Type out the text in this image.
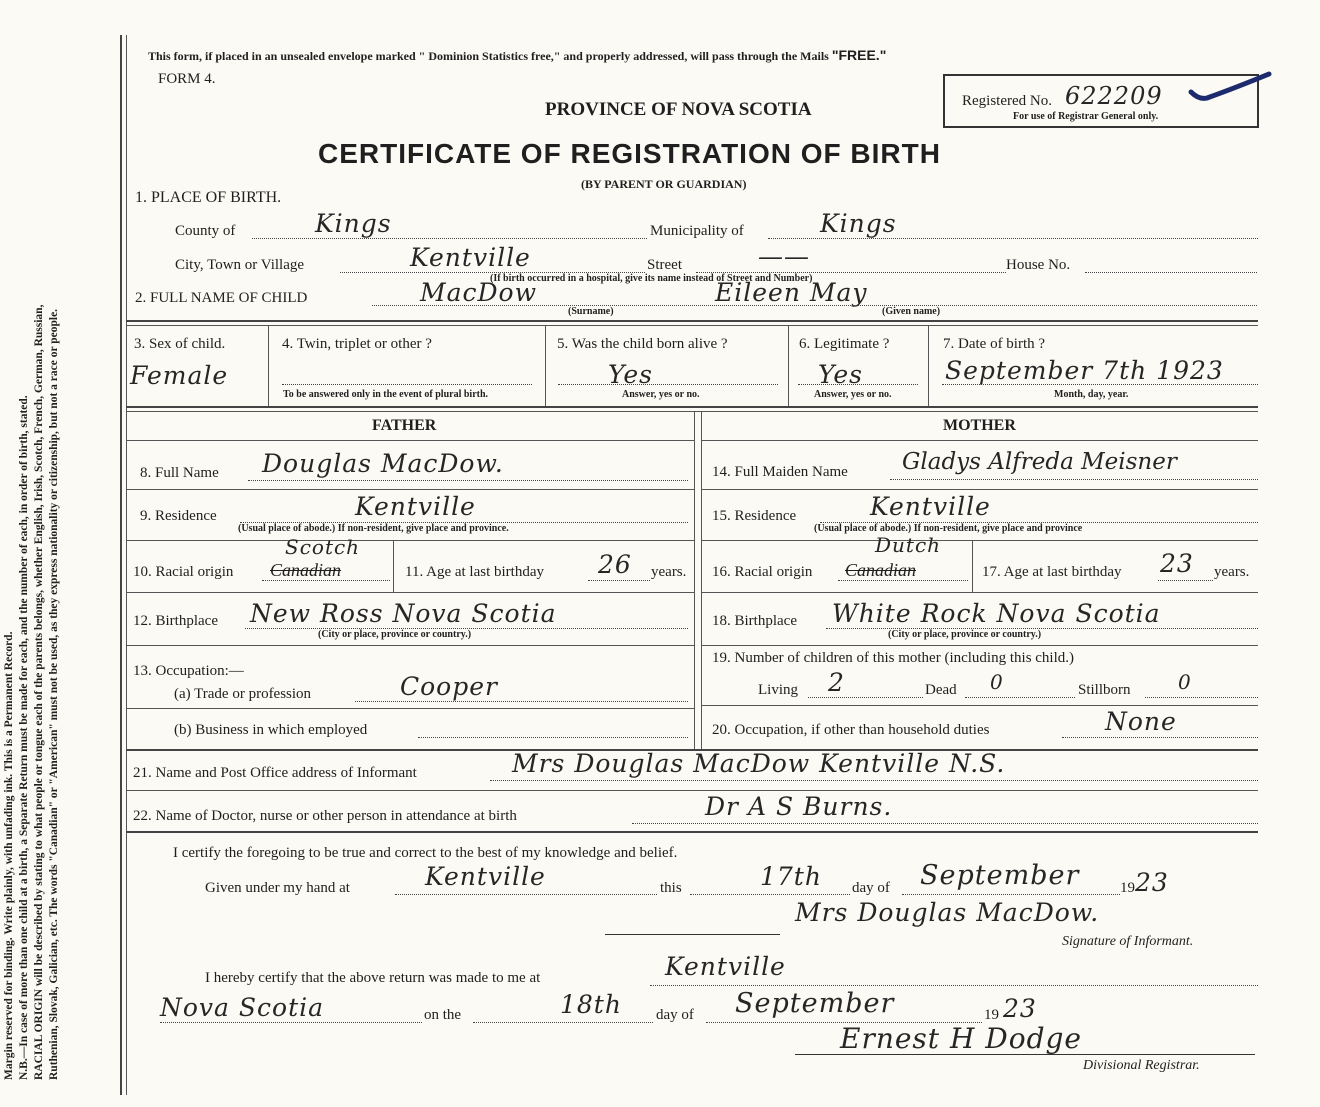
Margin reserved for binding. Write plainly, with unfading ink. This is a Permanent Record. N.B.—In case of more than one child at a birth, a Separate Return must be made for each, and the number of each, in order of birth, stated. RACIAL ORIGIN will be described by stating to what people or tongue each of the parents belongs, whether English, Irish, Scotch, French, German, Russian, Ruthenian, Slovak, Galician, etc. The words "Canadian" or "American" must not be used, as they express nationality or citizenship, but not a race or people.
This form, if placed in an unsealed envelope marked " Dominion Statistics free," and properly addressed, will pass through the Mails "FREE."
FORM 4.
PROVINCE OF NOVA SCOTIA
CERTIFICATE OF REGISTRATION OF BIRTH
(BY PARENT OR GUARDIAN)
Registered No. 622209
For use of Registrar General only.
1. PLACE OF BIRTH.
County of	Kings	Municipality of	Kings
City, Town or Village	Kentville	Street	——	House No.
(If birth occurred in a hospital, give its name instead of Street and Number)
2. FULL NAME OF CHILD	MacDow	Eileen May
(Surname)	(Given name)
3. Sex of child.
Female
4. Twin, triplet or other ?
To be answered only in the event of plural birth.
5. Was the child born alive ?
Yes
Answer, yes or no.
6. Legitimate ?
Yes
Answer, yes or no.
7. Date of birth ?
September 7th 1923
Month, day, year.
FATHER
8. Full Name Douglas MacDow.
9. Residence	Kentville
(Usual place of abode.) If non-resident, give place and province.
10. Racial origin Canadian
Scotch
11. Age at last birthday 26 years.
12. Birthplace New Ross Nova Scotia
(City or place, province or country.)
13. Occupation:—
(a) Trade or profession	Cooper
(b) Business in which employed
MOTHER
14. Full Maiden Name Gladys Alfreda Meisner
15. Residence	Kentville
(Usual place of abode.) If non-resident, give place and province
16. Racial origin Canadian
Dutch
17. Age at last birthday 23 years.
18. Birthplace White Rock Nova Scotia
(City or place, province or country.)
19. Number of children of this mother (including this child.)
Living 2	Dead 0	Stillborn 0
20. Occupation, if other than household duties	None
21. Name and Post Office address of Informant	Mrs Douglas MacDow Kentville N.S.
22. Name of Doctor, nurse or other person in attendance at birth	Dr A S Burns.
I certify the foregoing to be true and correct to the best of my knowledge and belief.
Given under my hand at	Kentville	this	17th day of September	19 23
Mrs Douglas MacDow.
Signature of Informant.
I hereby certify that the above return was made to me at	Kentville
Nova Scotia	on the	18th day of September	19 23
Ernest H Dodge
Divisional Registrar.
